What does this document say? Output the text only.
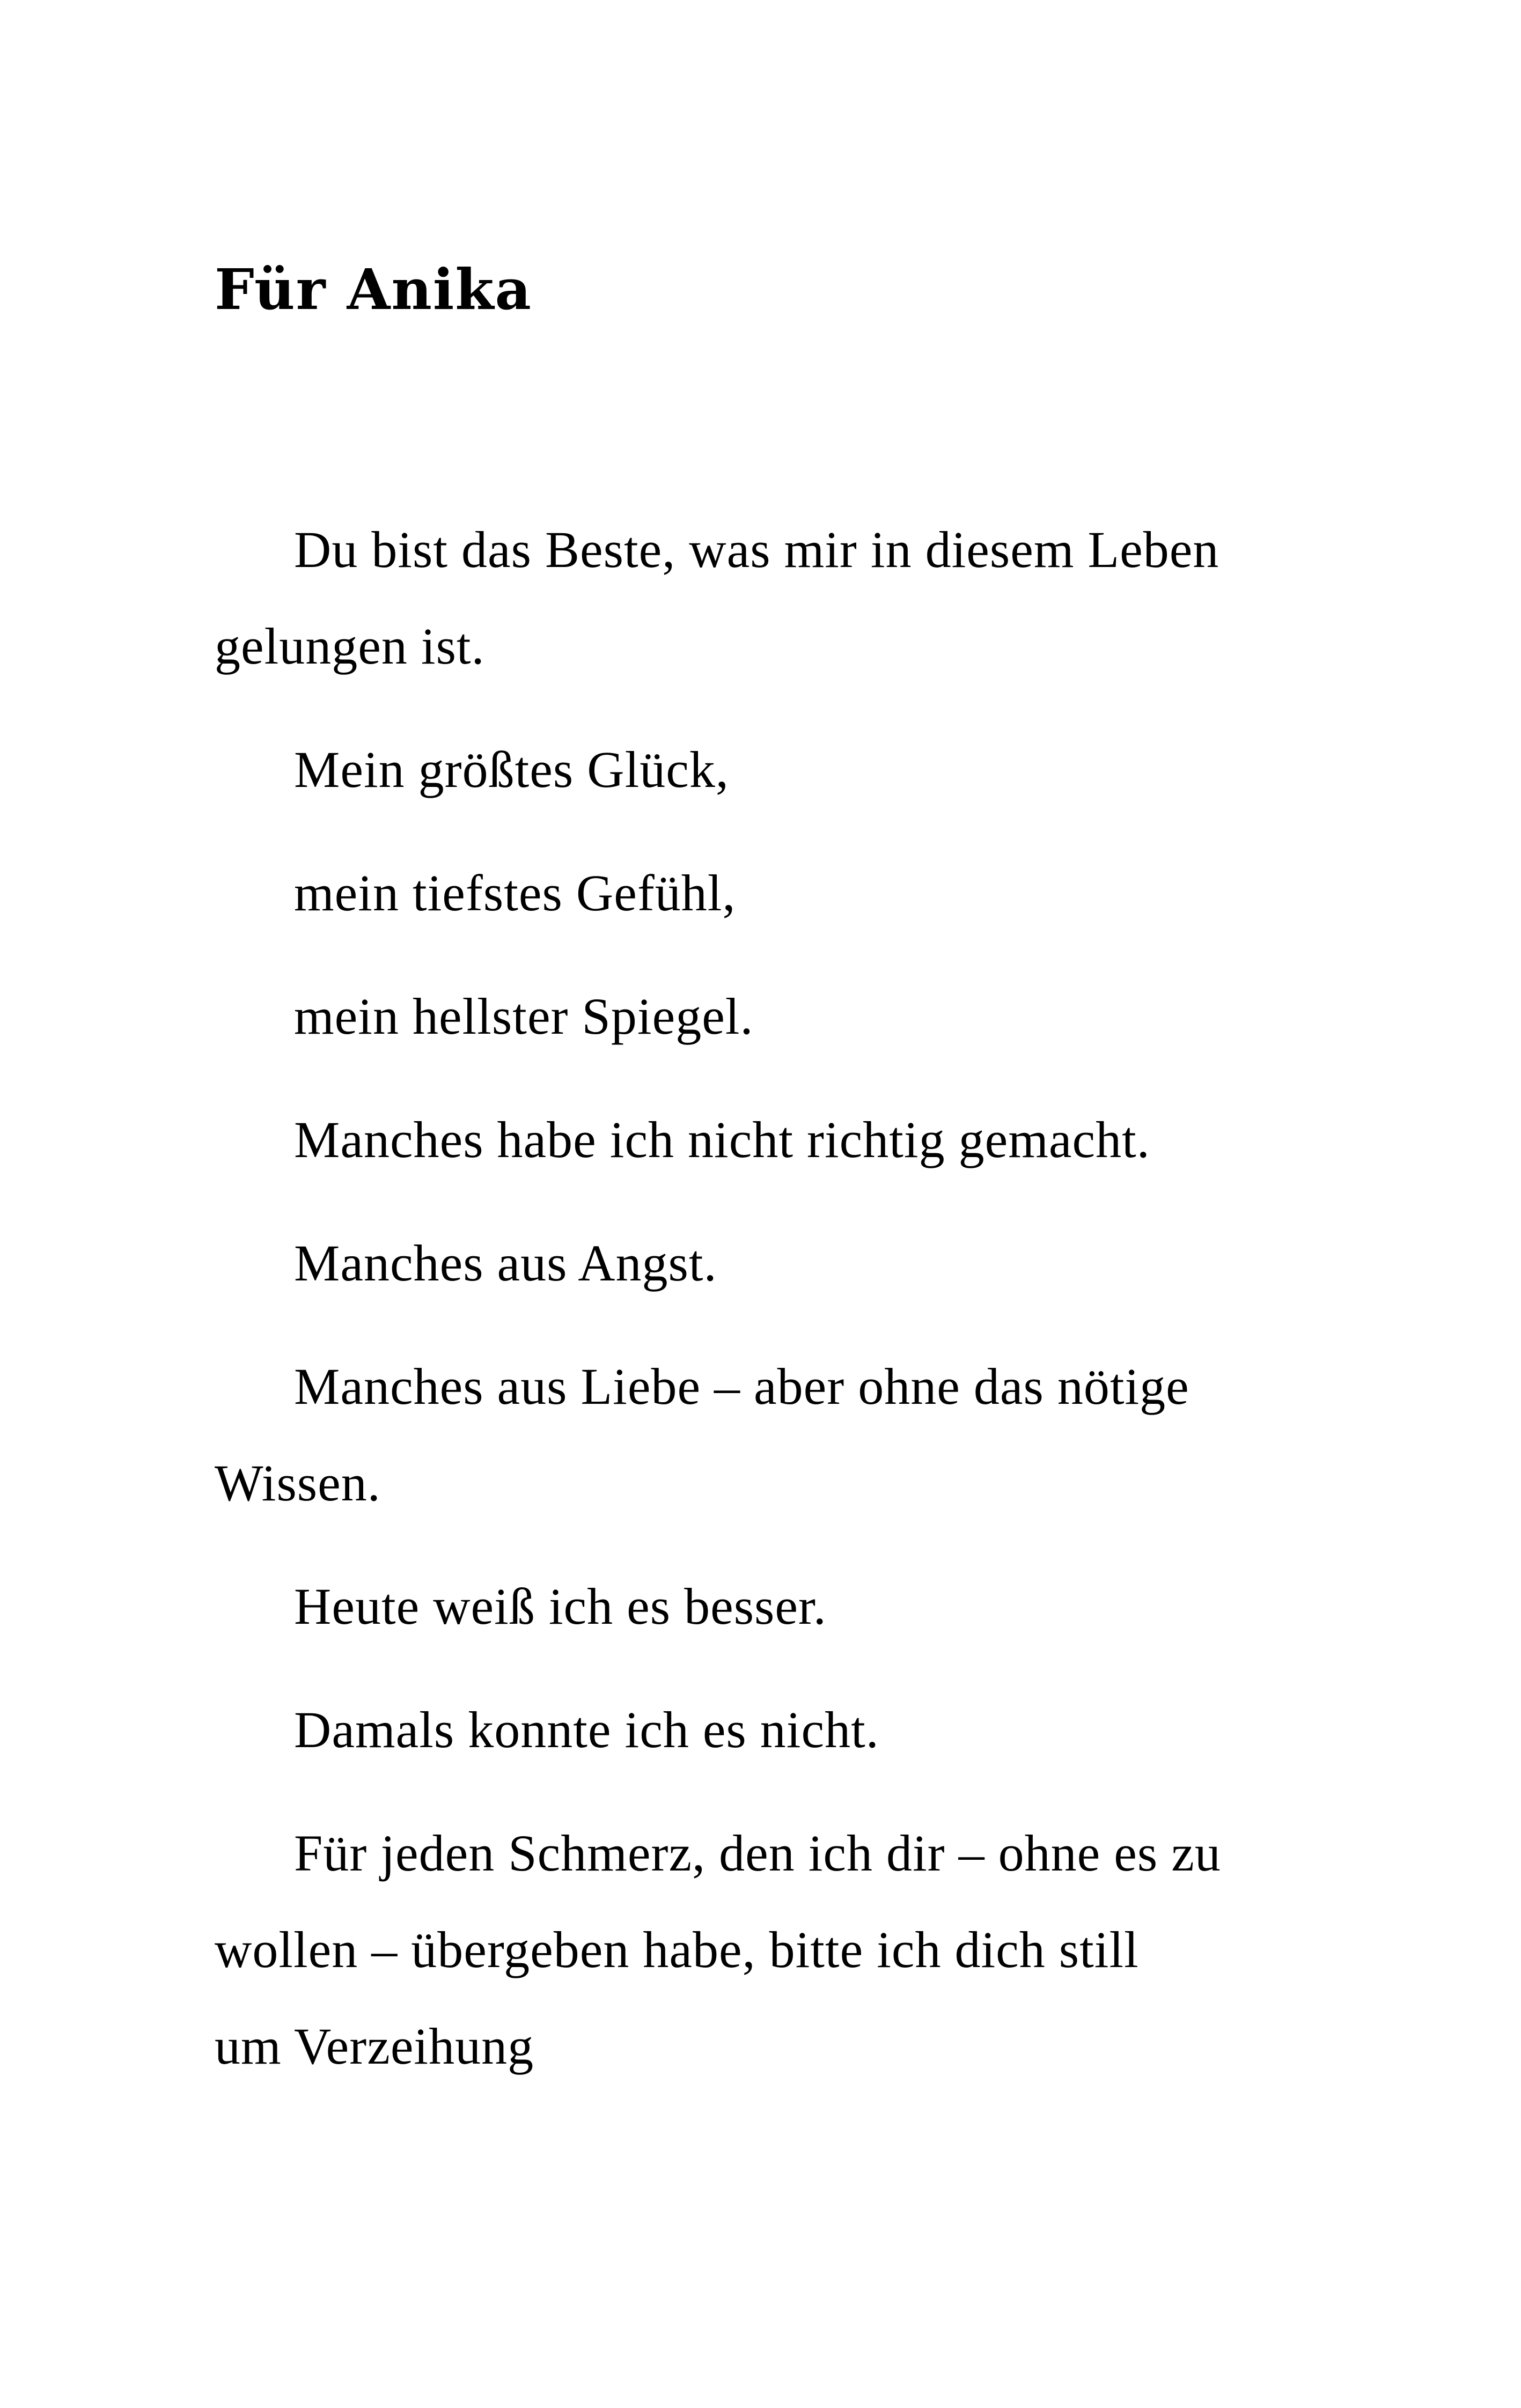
Für Anika

Du bist das Beste, was mir in diesem Leben
gelungen ist.

Mein größtes Glück,

mein tiefstes Gefühl,

mein hellster Spiegel.

Manches habe ich nicht richtig gemacht.

Manches aus Angst.

Manches aus Liebe – aber ohne das nötige
Wissen.

Heute weiß ich es besser.

Damals konnte ich es nicht.

Für jeden Schmerz, den ich dir – ohne es zu
wollen – übergeben habe, bitte ich dich still
um Verzeihung
